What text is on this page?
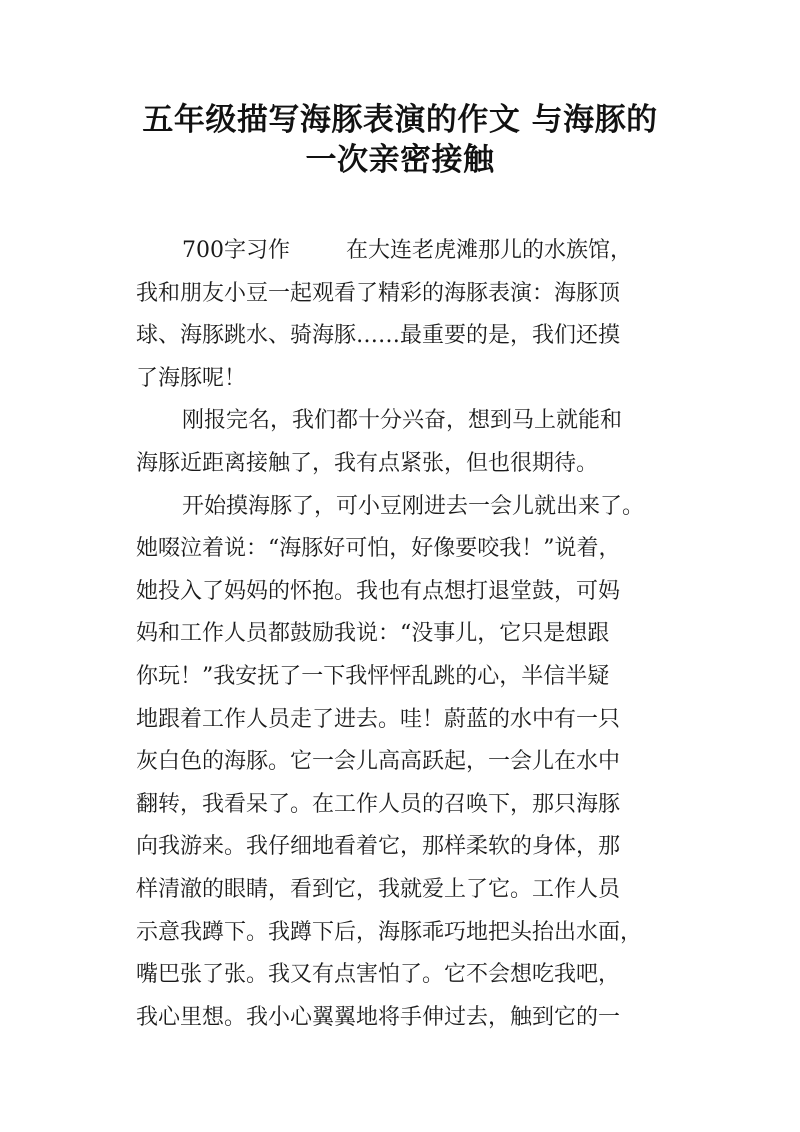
五年级描写海豚表演的作文 与海豚的
一次亲密接触
700字习作	在大连老虎滩那儿的水族馆，
我和朋友小豆一起观看了精彩的海豚表演：海豚顶
球、海豚跳水、骑海豚……最重要的是，我们还摸
了海豚呢！
刚报完名，我们都十分兴奋，想到马上就能和
海豚近距离接触了，我有点紧张，但也很期待。
开始摸海豚了，可小豆刚进去一会儿就出来了。
她啜泣着说：“海豚好可怕，好像要咬我！”说着，
她投入了妈妈的怀抱。我也有点想打退堂鼓，可妈
妈和工作人员都鼓励我说：“没事儿，它只是想跟
你玩！”我安抚了一下我怦怦乱跳的心，半信半疑
地跟着工作人员走了进去。哇！蔚蓝的水中有一只
灰白色的海豚。它一会儿高高跃起，一会儿在水中
翻转，我看呆了。在工作人员的召唤下，那只海豚
向我游来。我仔细地看着它，那样柔软的身体，那
样清澈的眼睛，看到它，我就爱上了它。工作人员
示意我蹲下。我蹲下后，海豚乖巧地把头抬出水面，
嘴巴张了张。我又有点害怕了。它不会想吃我吧，
我心里想。我小心翼翼地将手伸过去，触到它的一
